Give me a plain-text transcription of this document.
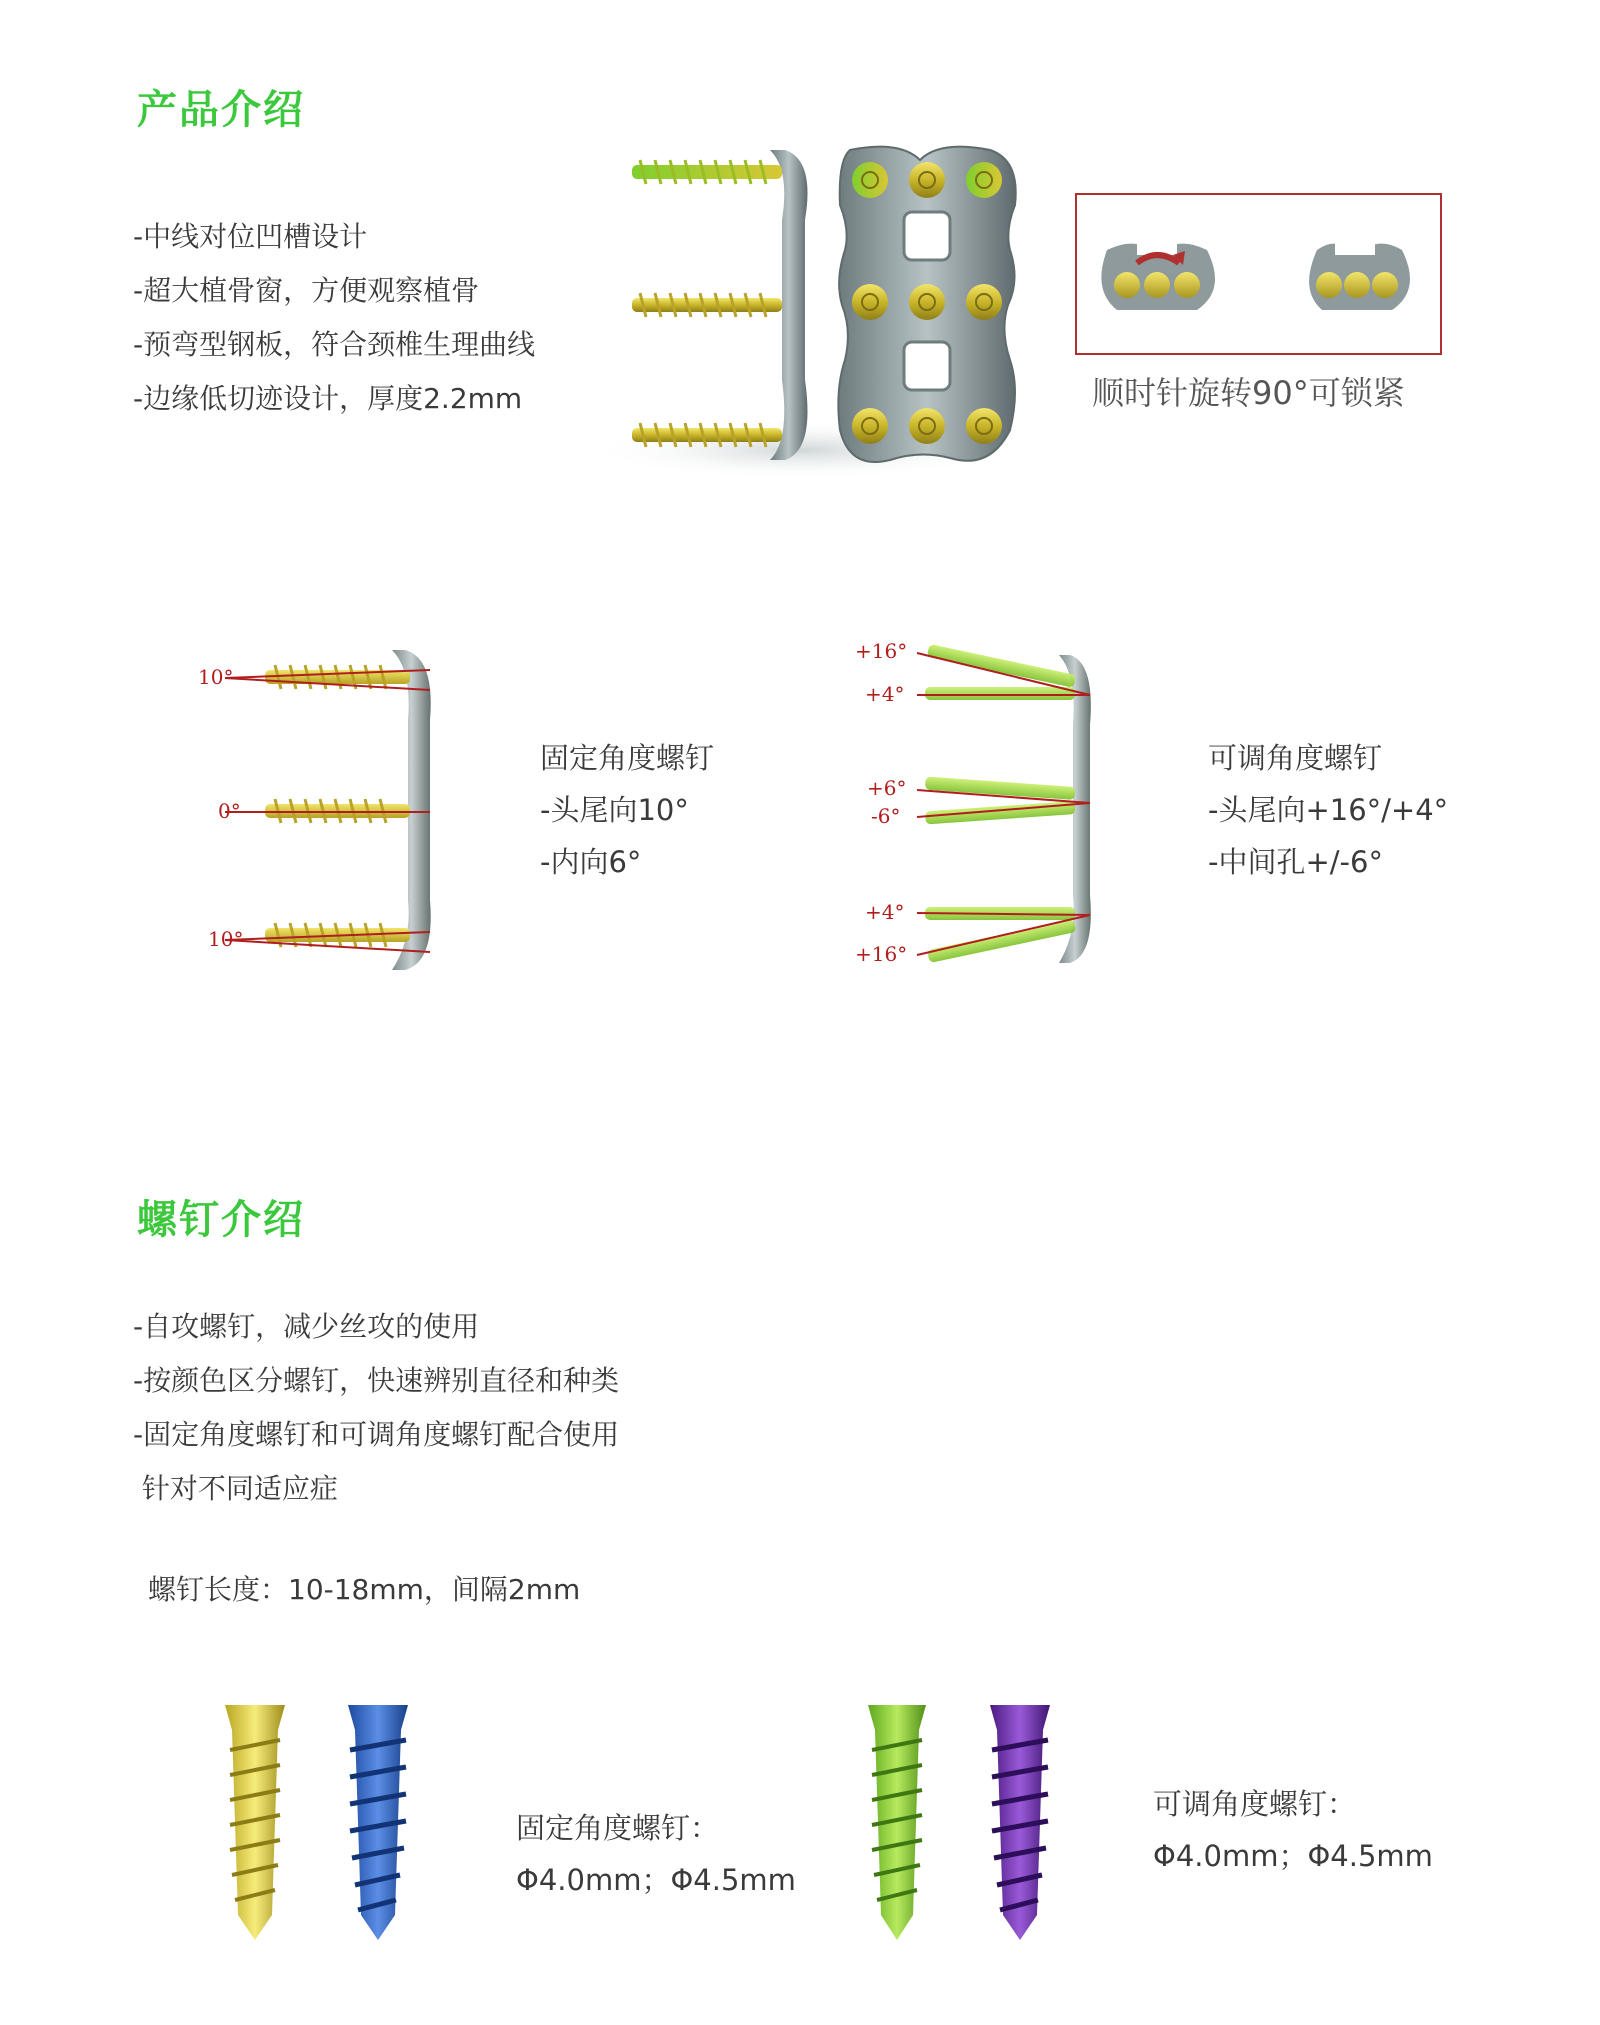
产品介绍
-中线对位凹槽设计
-超大植骨窗，方便观察植骨
-预弯型钢板，符合颈椎生理曲线
-边缘低切迹设计，厚度2.2mm	顺时针旋转90°可锁紧
10°
0°
10°
固定角度螺钉
-头尾向10°
-内向6°
+16°
+4°
+6°
-6°
+4°
+16°
可调角度螺钉
-头尾向+16°/+4°
-中间孔+/-6°
螺钉介绍
-自攻螺钉，减少丝攻的使用
-按颜色区分螺钉，快速辨别直径和种类
-固定角度螺钉和可调角度螺钉配合使用
针对不同适应症
螺钉长度：10-18mm，间隔2mm
固定角度螺钉：
Φ4.0mm；Φ4.5mm
可调角度螺钉：
Φ4.0mm；Φ4.5mm
